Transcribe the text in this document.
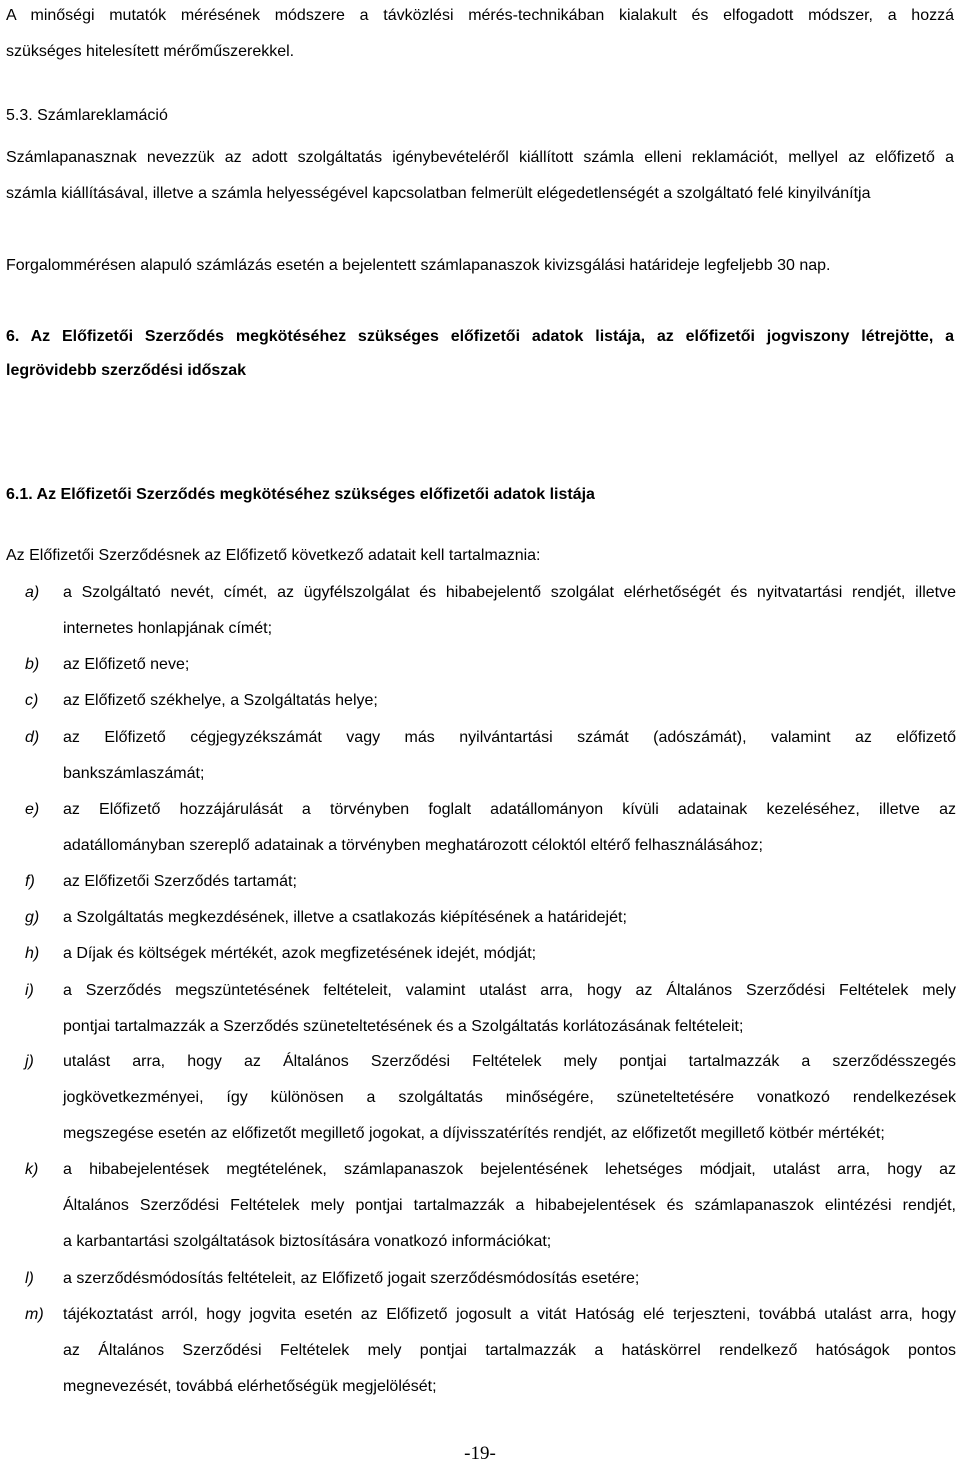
A minőségi mutatók mérésének módszere a távközlési mérés-technikában kialakult és elfogadott módszer, a hozzá
szükséges hitelesített mérőműszerekkel.
5.3. Számlareklamáció
Számlapanasznak nevezzük az adott szolgáltatás igénybevételéről kiállított számla elleni reklamációt, mellyel az előfizető a
számla kiállításával, illetve a számla helyességével kapcsolatban felmerült elégedetlenségét a szolgáltató felé kinyilvánítja
Forgalommérésen alapuló számlázás esetén a bejelentett számlapanaszok kivizsgálási határideje legfeljebb 30 nap.
6. Az Előfizetői Szerződés megkötéséhez szükséges előfizetői adatok listája, az előfizetői jogviszony létrejötte, a
legrövidebb szerződési időszak
6.1. Az Előfizetői Szerződés megkötéséhez szükséges előfizetői adatok listája
Az Előfizetői Szerződésnek az Előfizető következő adatait kell tartalmaznia:
a) a Szolgáltató nevét, címét, az ügyfélszolgálat és hibabejelentő szolgálat elérhetőségét és nyitvatartási rendjét, illetve
internetes honlapjának címét;
b) az Előfizető neve;
c) az Előfizető székhelye, a Szolgáltatás helye;
d) az Előfizető cégjegyzékszámát vagy más nyilvántartási számát (adószámát), valamint az előfizető
bankszámlaszámát;
e) az Előfizető hozzájárulását a törvényben foglalt adatállományon kívüli adatainak kezeléséhez, illetve az
adatállományban szereplő adatainak a törvényben meghatározott céloktól eltérő felhasználásához;
f) az Előfizetői Szerződés tartamát;
g) a Szolgáltatás megkezdésének, illetve a csatlakozás kiépítésének a határidejét;
h) a Díjak és költségek mértékét, azok megfizetésének idejét, módját;
i) a Szerződés megszüntetésének feltételeit, valamint utalást arra, hogy az Általános Szerződési Feltételek mely
pontjai tartalmazzák a Szerződés szüneteltetésének és a Szolgáltatás korlátozásának feltételeit;
j) utalást arra, hogy az Általános Szerződési Feltételek mely pontjai tartalmazzák a szerződésszegés
jogkövetkezményei, így különösen a szolgáltatás minőségére, szüneteltetésére vonatkozó rendelkezések
megszegése esetén az előfizetőt megillető jogokat, a díjvisszatérítés rendjét, az előfizetőt megillető kötbér mértékét;
k) a hibabejelentések megtételének, számlapanaszok bejelentésének lehetséges módjait, utalást arra, hogy az
Általános Szerződési Feltételek mely pontjai tartalmazzák a hibabejelentések és számlapanaszok elintézési rendjét,
a karbantartási szolgáltatások biztosítására vonatkozó információkat;
l) a szerződésmódosítás feltételeit, az Előfizető jogait szerződésmódosítás esetére;
m) tájékoztatást arról, hogy jogvita esetén az Előfizető jogosult a vitát Hatóság elé terjeszteni, továbbá utalást arra, hogy
az Általános Szerződési Feltételek mely pontjai tartalmazzák a hatáskörrel rendelkező hatóságok pontos
megnevezését, továbbá elérhetőségük megjelölését;
-19-
